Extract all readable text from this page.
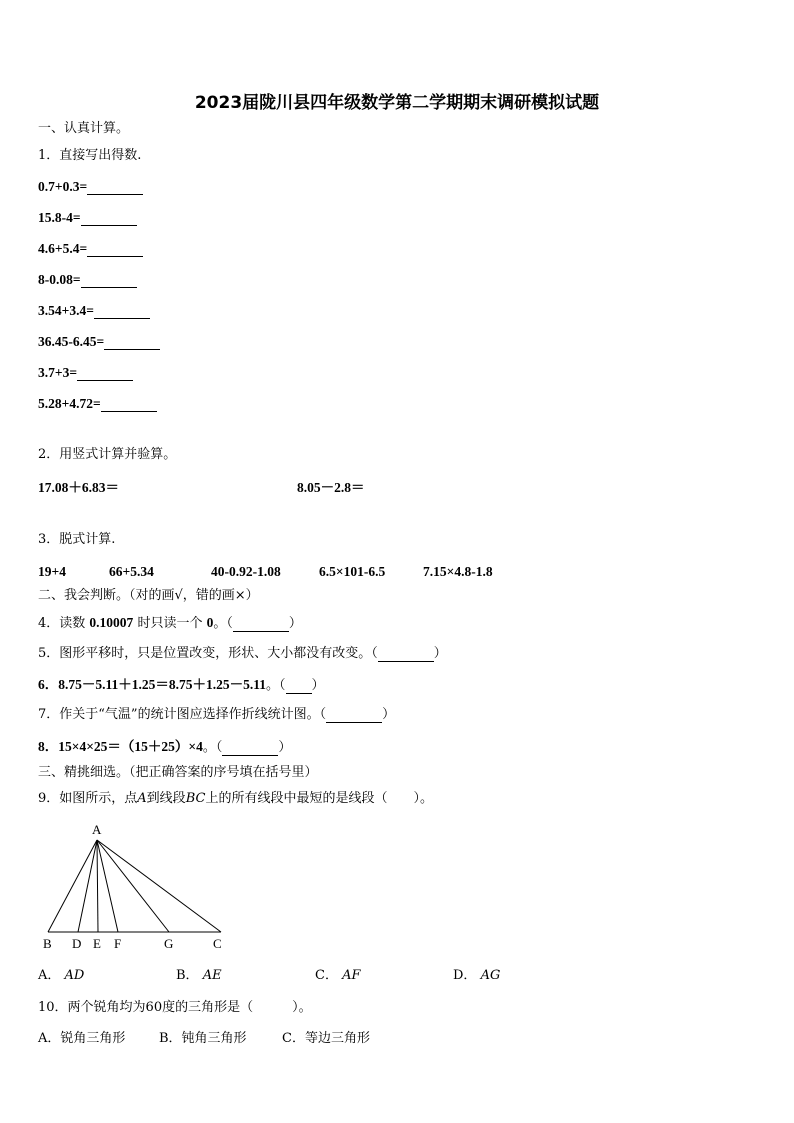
2023届陇川县四年级数学第二学期期末调研模拟试题
一、认真计算。
1．直接写出得数.
0.7+0.3=
15.8-4=
4.6+5.4=
8-0.08=
3.54+3.4=
36.45-6.45=
3.7+3=
5.28+4.72=
2．用竖式计算并验算。
17.08＋6.83＝	8.05－2.8＝
3．脱式计算.
19+4	66+5.34	40-0.92-1.08	6.5×101-6.5	7.15×4.8-1.8
二、我会判断。（对的画√，错的画×）
4．读数 0.10007 时只读一个 0。（	）
5．图形平移时，只是位置改变，形状、大小都没有改变。（	）
6．8.75－5.11＋1.25＝8.75＋1.25－5.11。（ ）
7．作关于“气温”的统计图应选择作折线统计图。（	）
8．15×4×25＝（15＋25）×4。（	）
三、精挑细选。（把正确答案的序号填在括号里）
9．如图所示，点A到线段BC上的所有线段中最短的是线段（　　）。
A
B D E F	G	C
A． AD	B． AE	C． AF	D． AG
10．两个锐角均为60度的三角形是（　　　）。
A．锐角三角形	B．钝角三角形	C．等边三角形
